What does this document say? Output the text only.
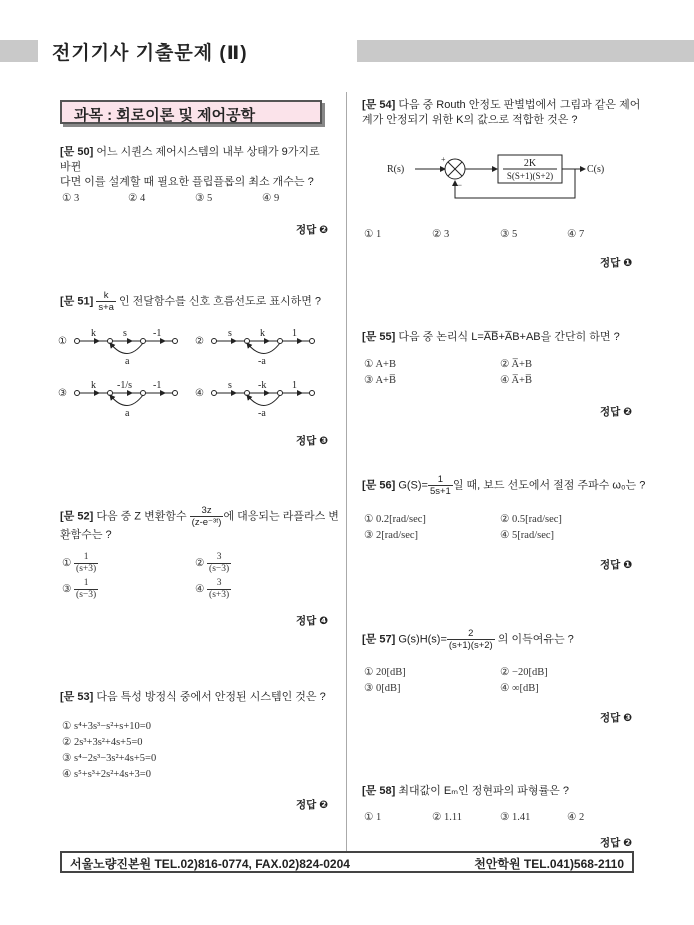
전기기사 기출문제 (Ⅱ)
과목 : 회로이론 및 제어공학
[문 50] 어느 시퀀스 제어시스템의 내부 상태가 9가지로 바뀐
다면 이를 설계할 때 필요한 플립플롭의 최소 개수는 ?
① 3	② 4	③ 5	④ 9
정답 ❷
[문 $51] \frac{k}{s+a}$ 인 전달함수를 신호 흐름선도로 표시하면 ?
①
k	s	-1
a
②
s	k	1
-a
③
k -1/s -1
a
④
s	-k	1
-a
정답 ❸
[문 52] 다음 중 Z 변환함수 $\frac{3z}{\text{(z-e⁻³ᵗ)}}$ 에 대응되는 라플라스 변
환함수는 ?
① $\frac{1}{(s+3)}$	② $\frac{3}{(s-3)}$
③ $\frac{1}{(s-3)}$	④ $\frac{3}{(s+3)}$
정답 ❹
[문 53] 다음 특성 방정식 중에서 안정된 시스템인 것은 ?
① s⁴+3s³−s²+s+10=0
② 2s³+3s²+4s+5=0
③ s⁴−2s³−3s²+4s+5=0
④ s⁵+s³+2s²+4s+3=0
정답 ❷
[문 54] 다음 중 Routh 안정도 판별법에서 그림과 같은 제어
계가 안정되기 위한 K의 값으로 적합한 것은 ?
R(s)
+
−
2K
S(S+1)(S+2)
C(s)
① 1	② 3	③ 5	④ 7
정답 ❶
[문 55] 다음 중 논리식 L=A̅B̅+A̅B+AB을 간단히 하면 ?
① A+B	② A̅+B
③ A+B̅	④ A̅+B̅
정답 ❷
[문 56] $G(S)= \frac{1}{5s+1}$ 일 때, 보드 선도에서 절점 주파수 ω₀는 ?
① 0.2[rad/sec]	② 0.5[rad/sec]
③ 2[rad/sec]	④ 5[rad/sec]
정답 ❶
[문 57] $G(s)H(s)= \frac{2}{(s+1)(s+2)}$ 의 이득여유는 ?
① 20[dB]	② −20[dB]
③ 0[dB]	④ ∞[dB]
정답 ❸
[문 58] 최대값이 Eₘ인 정현파의 파형률은 ?
① 1	② 1.11	③ 1.41	④ 2
정답 ❷
서울노량진본원 TEL.02)816-0774, FAX.02)824-0204	천안학원 TEL.041)568-2110
